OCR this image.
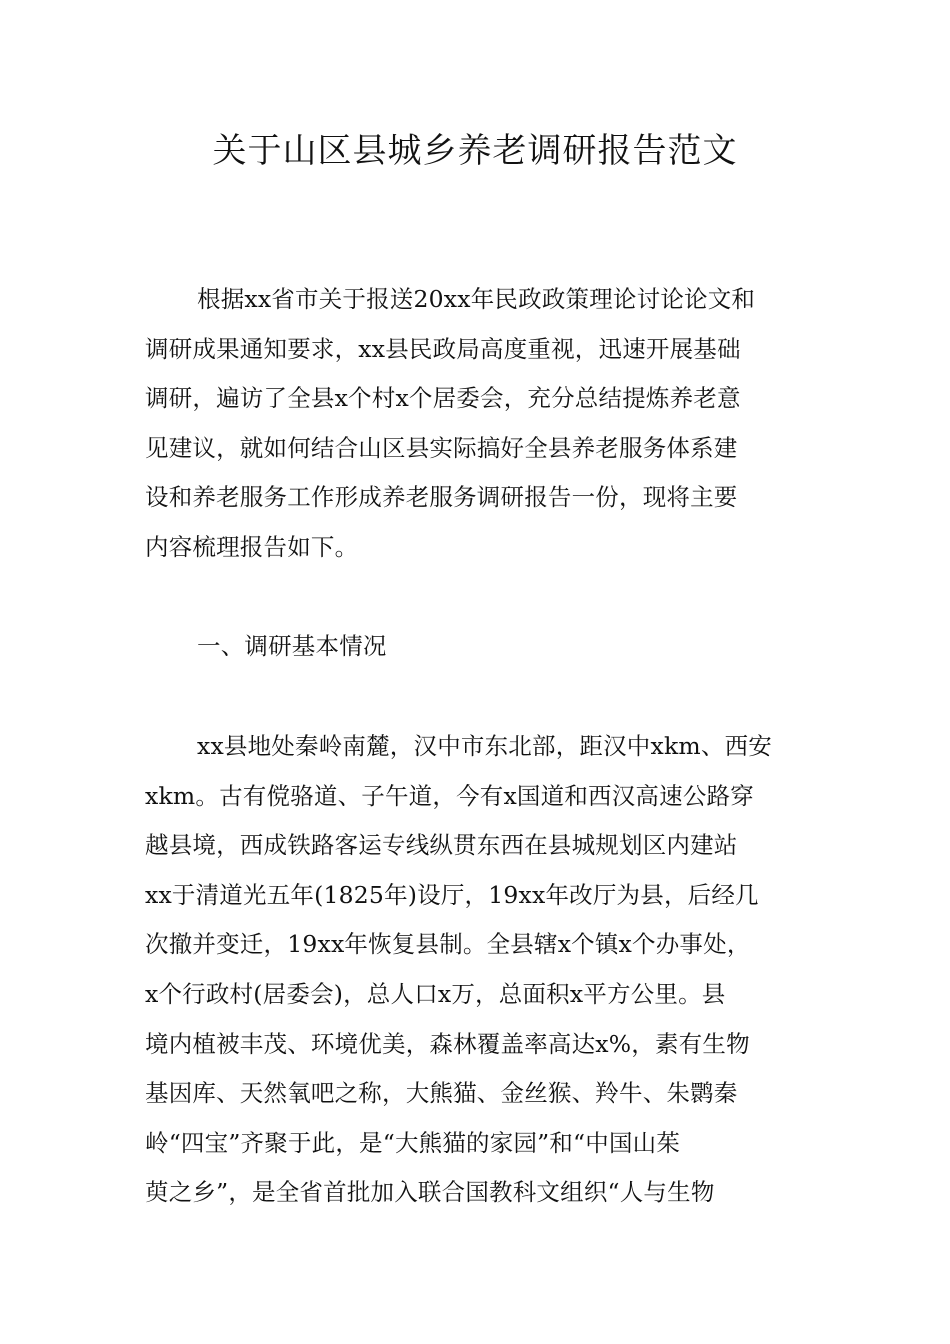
关于山区县城乡养老调研报告范文

根据xx省市关于报送20xx年民政政策理论讨论论文和

调研成果通知要求，xx县民政局高度重视，迅速开展基础

调研，遍访了全县x个村x个居委会，充分总结提炼养老意

见建议，就如何结合山区县实际搞好全县养老服务体系建

设和养老服务工作形成养老服务调研报告一份，现将主要

内容梳理报告如下。

一、调研基本情况

xx县地处秦岭南麓，汉中市东北部，距汉中xkm、西安

xkm。古有傥骆道、子午道，今有x国道和西汉高速公路穿

越县境，西成铁路客运专线纵贯东西在县城规划区内建站

xx于清道光五年(1825年)设厅，19xx年改厅为县，后经几

次撤并变迁，19xx年恢复县制。全县辖x个镇x个办事处，

x个行政村(居委会)，总人口x万，总面积x平方公里。县

境内植被丰茂、环境优美，森林覆盖率高达x%，素有生物

基因库、天然氧吧之称，大熊猫、金丝猴、羚牛、朱鹮秦

岭“四宝”齐聚于此，是“大熊猫的家园”和“中国山茱

萸之乡”，是全省首批加入联合国教科文组织“人与生物
